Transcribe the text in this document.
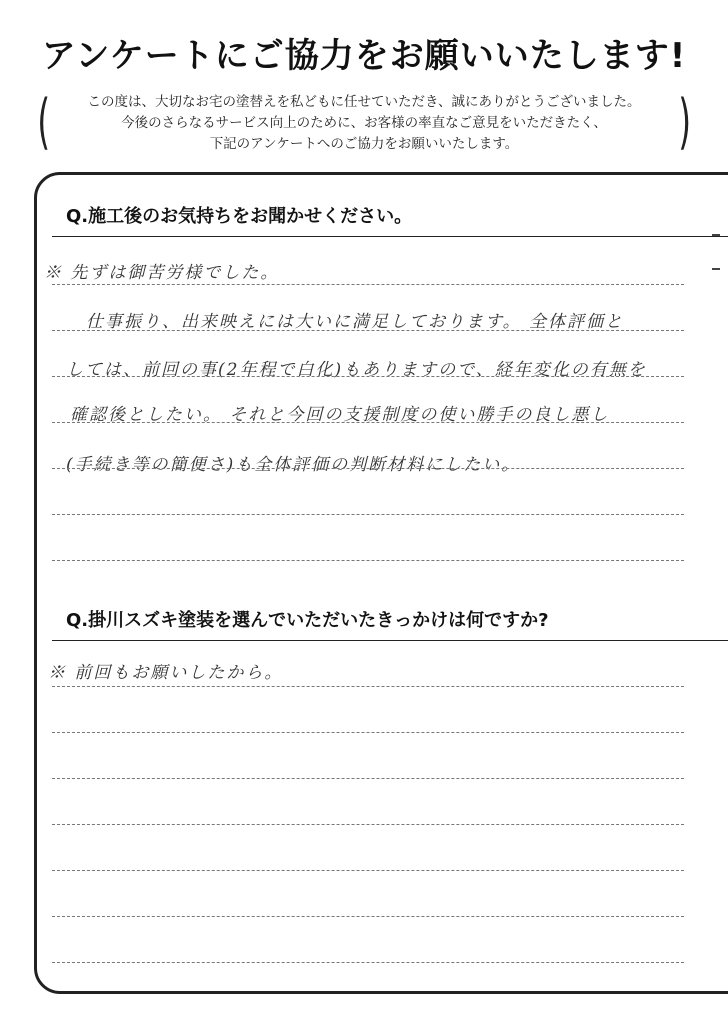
アンケートにご協力をお願いいたします!
(	この度は、大切なお宅の塗替えを私どもに任せていただき、誠にありがとうございました。
今後のさらなるサービス向上のために、お客様の率直なご意見をいただきたく、
下記のアンケートへのご協力をお願いいたします。	)
Q.施工後のお気持ちをお聞かせください。
※ 先ずは御苦労様でした。
仕事振り、出来映えには大いに満足しております。 全体評価と
しては、前回の事(2年程で白化)もありますので、経年変化の有無を
確認後としたい。 それと今回の支援制度の使い勝手の良し悪し
(手続き等の簡便さ)も全体評価の判断材料にしたい。
Q.掛川スズキ塗装を選んでいただいたきっかけは何ですか?
※ 前回もお願いしたから。
